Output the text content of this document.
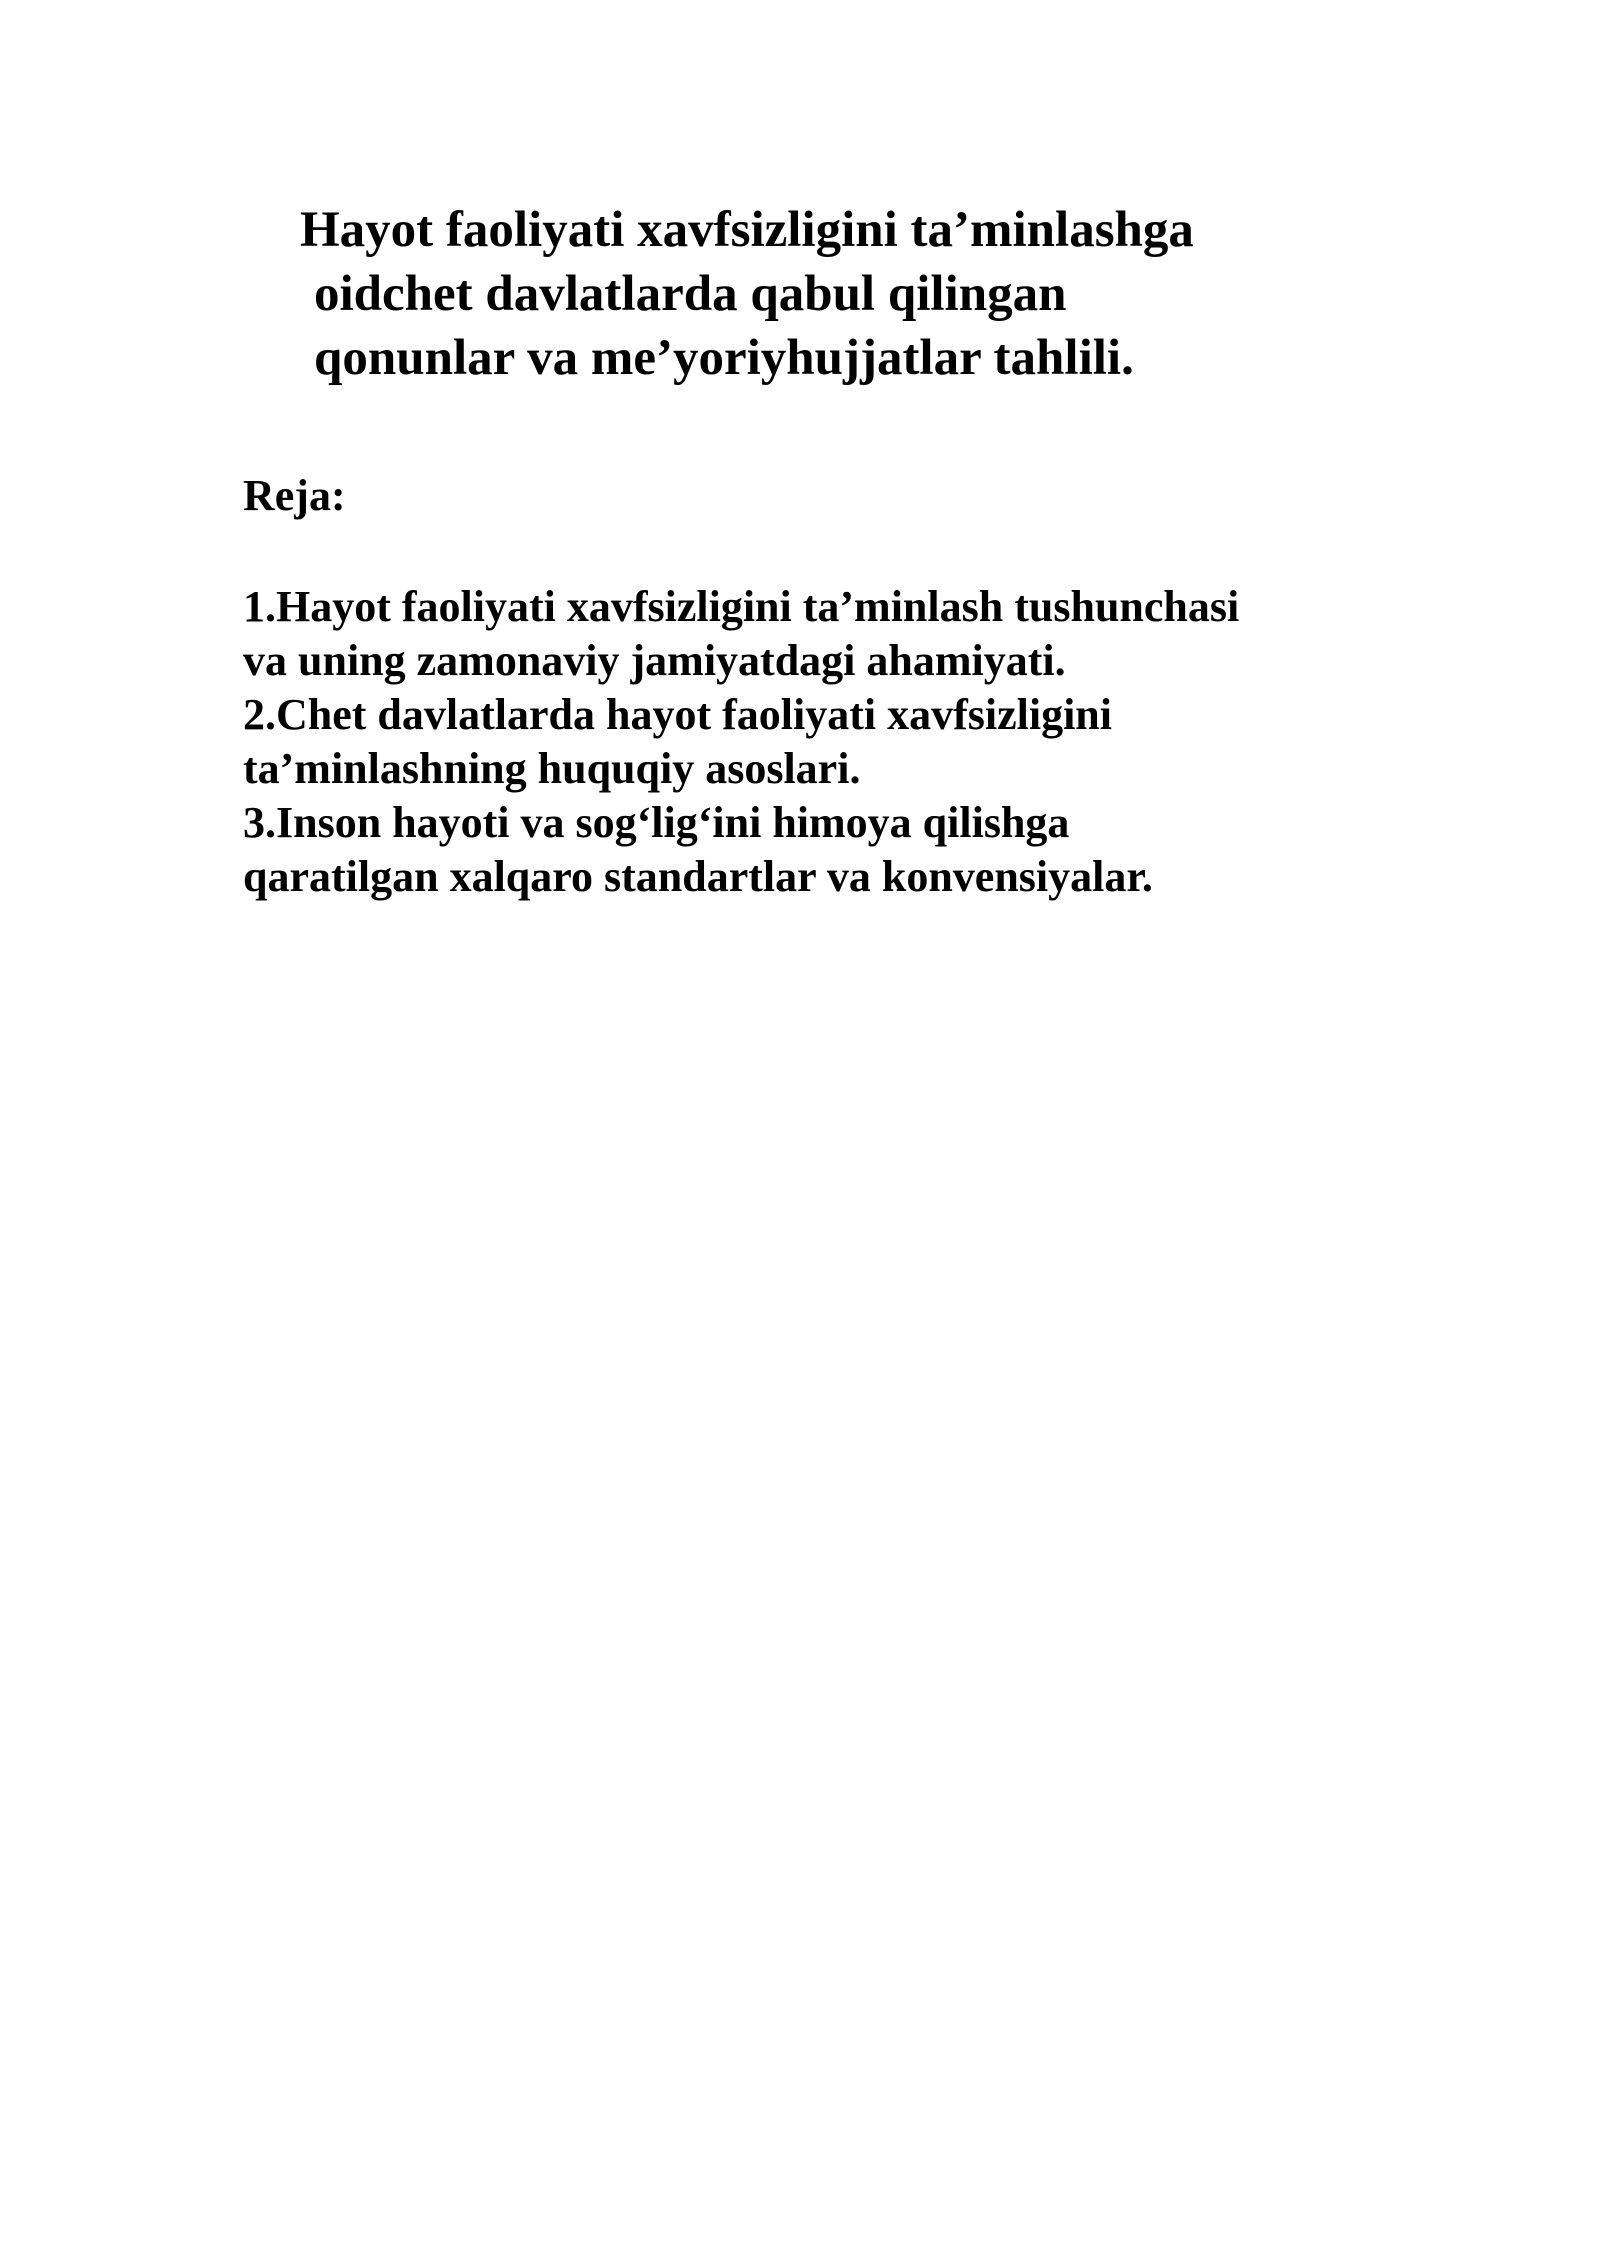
Hayot faoliyati xavfsizligini ta’minlashga
oidchet davlatlarda qabul qilingan
qonunlar va me’yoriyhujjatlar tahlili.
Reja:
1.Hayot faoliyati xavfsizligini ta’minlash tushunchasi
va uning zamonaviy jamiyatdagi ahamiyati.
2.Chet davlatlarda hayot faoliyati xavfsizligini
ta’minlashning huquqiy asoslari.
3.Inson hayoti va sog‘lig‘ini himoya qilishga
qaratilgan xalqaro standartlar va konvensiyalar.
